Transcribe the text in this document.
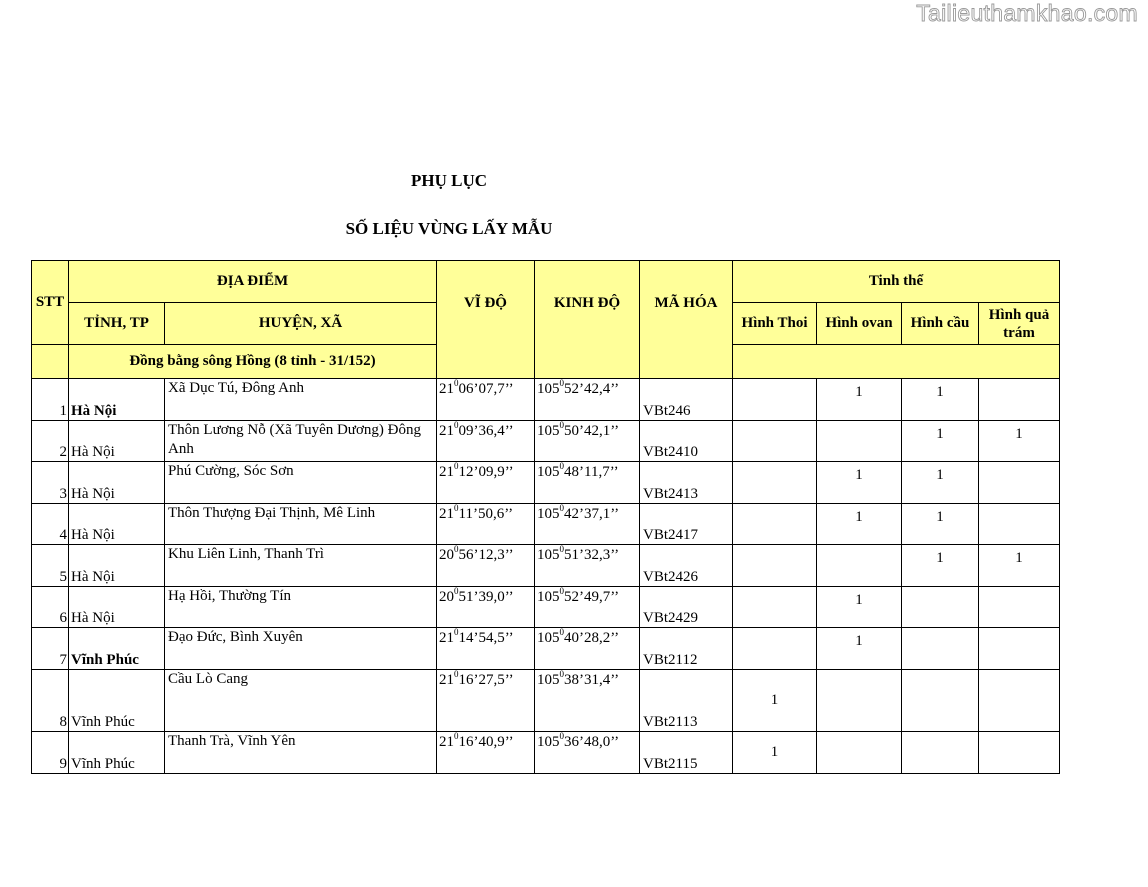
Tailieuthamkhao.com
PHỤ LỤC
SỐ LIỆU VÙNG LẤY MẪU
STT	ĐỊA ĐIỂM		VĨ ĐỘ	KINH ĐỘ	MÃ HÓA	Tinh thể			
	TỈNH, TP	HUYỆN, XÃ				Hình Thoi	Hình ovan	Hình cầu	Hình quả trám
	Đồng bằng sông Hồng (8 tỉnh - 31/152)								
1	Hà Nội	Xã Dục Tú, Đông Anh	$21^006’07,7$’’	$105^052’42,4$’’	VBt246		1	1	
2	Hà Nội	Thôn Lương Nỗ (Xã Tuyên Dương) Đông Anh	$21^009’36,4$’’	$105^050’42,1$’’	VBt2410			1	1
3	Hà Nội	Phú Cường, Sóc Sơn	$21^012’09,9$’’	$105^048’11,7$’’	VBt2413		1	1	
4	Hà Nội	Thôn Thượng Đại Thịnh, Mê Linh	$21^011’50,6$’’	$105^042’37,1$’’	VBt2417		1	1	
5	Hà Nội	Khu Liên Linh, Thanh Trì	$20^056’12,3$’’	$105^051’32,3$’’	VBt2426			1	1
6	Hà Nội	Hạ Hồi, Thường Tín	$20^051’39,0$’’	$105^052’49,7$’’	VBt2429		1		
7	Vĩnh Phúc	Đạo Đức, Bình Xuyên	$21^014’54,5$’’	$105^040’28,2$’’	VBt2112		1		
8	Vĩnh Phúc	Cầu Lò Cang	$21^016’27,5$’’	$105^038’31,4$’’	VBt2113	1			
9	Vĩnh Phúc	Thanh Trà, Vĩnh Yên	$21^016’40,9$’’	$105^036’48,0$’’	VBt2115	1			
